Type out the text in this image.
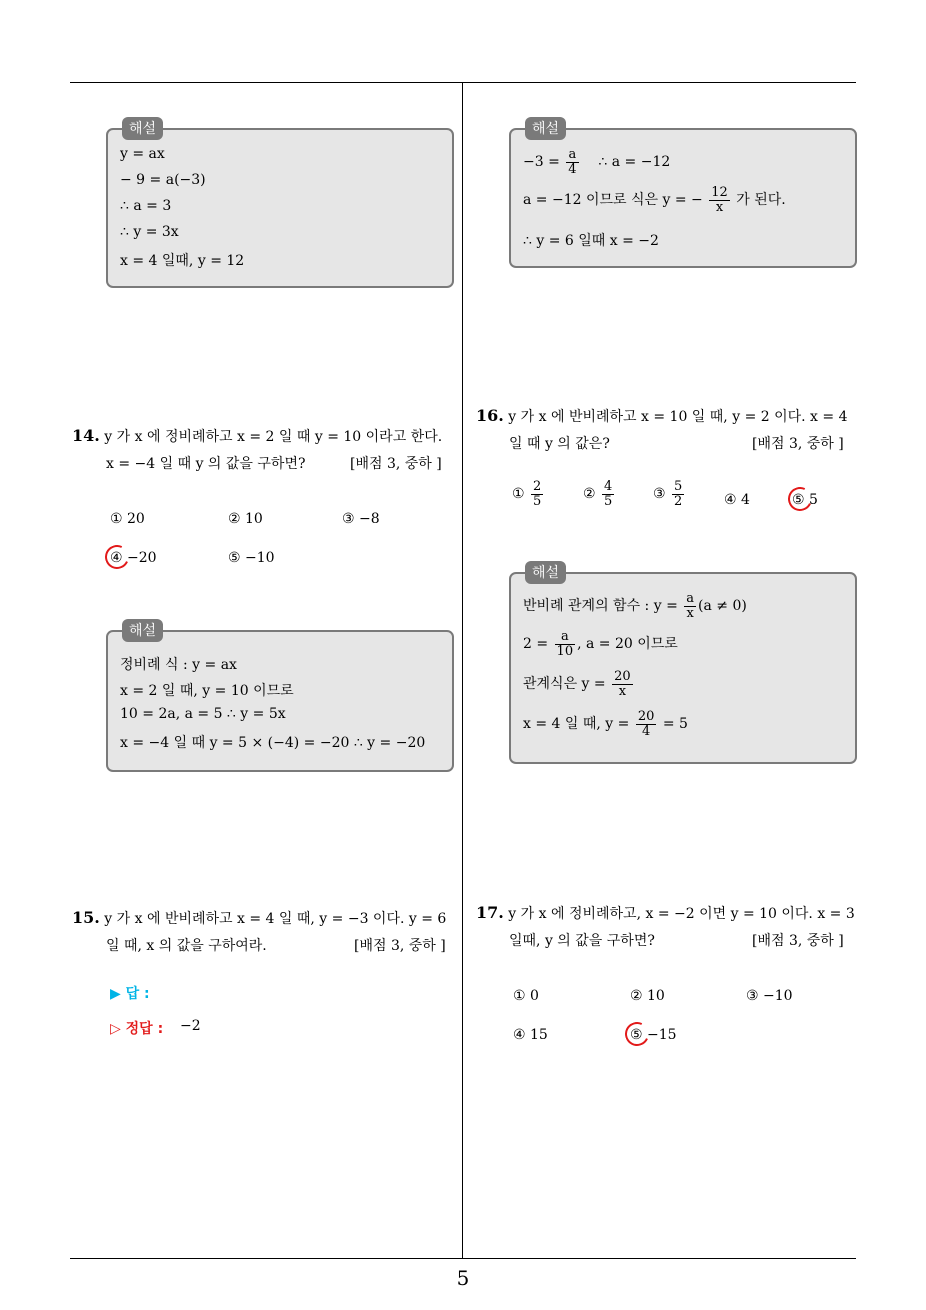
해설
y = ax
− 9 = a(−3)
∴ a = 3
∴ y = 3x
x = 4 일때, y = 12
14. y 가 x 에 정비례하고 x = 2 일 때 y = 10 이라고 한다.
x = −4 일 때 y 의 값을 구하면?	[배점 3, 중하 ]
① 20	② 10	③ −8
④ −20	⑤ −10
해설
정비례 식 : y = ax
x = 2 일 때, y = 10 이므로
10 = 2a, a = 5 ∴ y = 5x
x = −4 일 때 y = 5 × (−4) = −20 ∴ y = −20
15. y 가 x 에 반비례하고 x = 4 일 때, y = −3 이다. y = 6
일 때, x 의 값을 구하여라.	[배점 3, 중하 ]
▶ 답 :
▷ 정답 : −2
해설
$-3 = \frac{a}{4}$ ∴ a = −12
a = −12 이므로 식은 y = − $\frac{12}{x}$ 가 된다.
∴ y = 6 일때 x = −2
16. y 가 x 에 반비례하고 x = 10 일 때, y = 2 이다. x = 4
일 때 y 의 값은?	[배점 3, 중하 ]
① $\frac{2}{5}$	② $\frac{4}{5}$	③ $\frac{5}{2}$	④ 4	⑤ 5
해설
반비례 관계의 함수 : $y = \frac{a}{x} (a \ne 0)$
$2 = \frac{a}{10}$ , a = 20 이므로
관계식은 $y = \frac{20}{x}$
x = 4 일 때, $y = \frac{20}{4} = 5$
17. y 가 x 에 정비례하고, x = −2 이면 y = 10 이다. x = 3
일때, y 의 값을 구하면?	[배점 3, 중하 ]
① 0	② 10	③ −10
④ 15	⑤ −15
5
